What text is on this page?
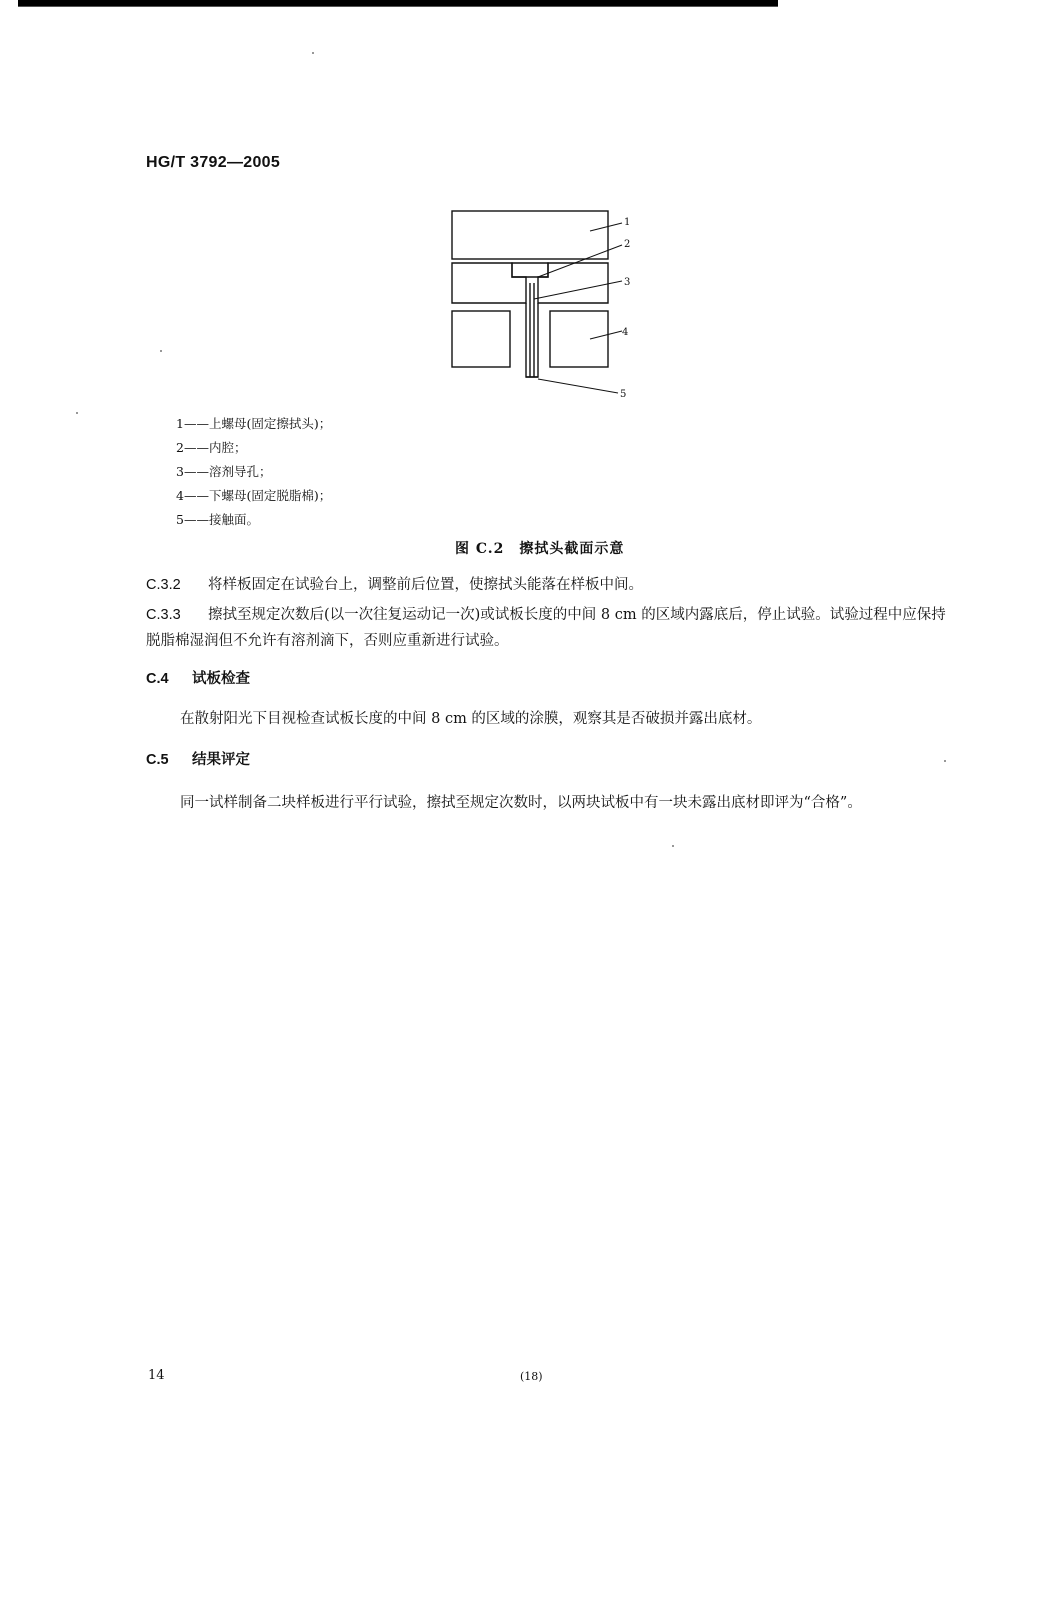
HG/T 3792—2005
1
2
3
4
5
1——上螺母(固定擦拭头)；
2——内腔；
3——溶剂导孔；
4——下螺母(固定脱脂棉)；
5——接触面。
图 C.2　擦拭头截面示意
C.3.2 将样板固定在试验台上，调整前后位置，使擦拭头能落在样板中间。
C.3.3 擦拭至规定次数后(以一次往复运动记一次)或试板长度的中间 8 cm 的区域内露底后，停止试验。试验过程中应保持脱脂棉湿润但不允许有溶剂滴下，否则应重新进行试验。
C.4 试板检查
在散射阳光下目视检查试板长度的中间 8 cm 的区域的涂膜，观察其是否破损并露出底材。
C.5 结果评定
同一试样制备二块样板进行平行试验，擦拭至规定次数时，以两块试板中有一块未露出底材即评为“合格”。
14	(18)
